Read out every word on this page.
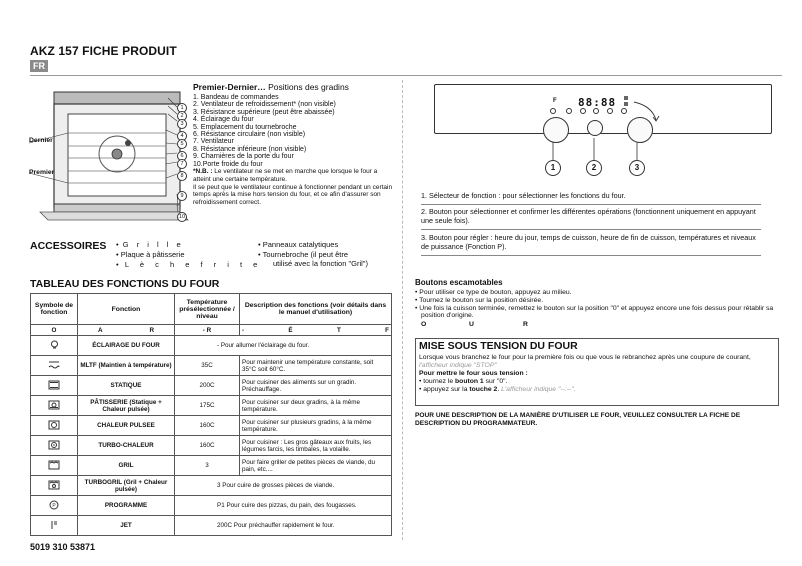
AKZ 157 FICHE PRODUIT
FR
Dernier
Premier
1
2
3
4
5
6
7
8
9
10
Premier-Dernier… Positions des gradins
1. Bandeau de commandes
2. Ventilateur de refroidissement* (non visible)
3. Résistance supérieure (peut être abaissée)
4. Éclairage du four
5. Emplacement du tournebroche
6. Résistance circulaire (non visible)
7. Ventilateur
8. Résistance inférieure (non visible)
9. Charnières de la porte du four
10.Porte froide du four
*N.B. : Le ventilateur ne se met en marche que lorsque le four a atteint une certaine température.
Il se peut que le ventilateur continue à fonctionner pendant un certain temps après la mise hors tension du four, et ce afin d'assurer son refroidissement correct.
ACCESSOIRES •  G r i l l e
• Plaque à pâtisserie
•   L è c h e f r i t e
• Panneaux catalytiques
• Tournebroche (il peut être
utilisé avec la fonction "Gril")
TABLEAU DES FONCTIONS DU FOUR
Symbole de fonction	Fonction	Température présélectionnée / niveau	Description des fonctions (voir détails dans le manuel d'utilisation)
O	A R	- R	- É T F

	ÉCLAIRAGE DU FOUR	- Pour allumer l'éclairage du four.	
	MLTF (Maintien à température)	35C	Pour maintenir une température constante, soit 35°C soit 60°C.
	STATIQUE	200C	Pour cuisiner des aliments sur un gradin. Préchauffage.
	PÂTISSERIE (Statique + Chaleur pulsée)	175C	Pour cuisiner sur deux gradins, à la même température.
	CHALEUR PULSEE	160C	Pour cuisiner sur plusieurs gradins, à la même température.
	TURBO-CHALEUR	160C	Pour cuisiner : Les gros gâteaux aux fruits, les légumes farcis, les timbales, la volaille.
	GRIL	3	Pour faire griller de petites pièces de viande, du pain, etc....
	TURBOGRIL (Gril + Chaleur pulsée)	3 Pour cuire de grosses pièces de viande.	

P	PROGRAMME	P1 Pour cuire des pizzas, du pain, des fougasses.	
	JET	200C Pour préchauffer rapidement le four.	
5019 310 53871
F 88:88
1	2	3
1. Sélecteur de fonction : pour sélectionner les fonctions du four.
2. Bouton pour sélectionner et confirmer les différentes opérations (fonctionnent uniquement en appuyant une seule fois).
3. Bouton pour régler : heure du jour, temps de cuisson, heure de fin de cuisson, températures et niveaux de puissance (Fonction P).
Boutons escamotables
• Pour utiliser ce type de bouton, appuyez au milieu.
• Tournez le bouton sur la position désirée.
• Une fois la cuisson terminée, remettez le bouton sur la position "0" et appuyez encore une fois dessus pour rétablir sa position d'origine.
O	U	R
MISE SOUS TENSION DU FOUR
Lorsque vous branchez le four pour la première fois ou que vous le rebranchez après une coupure de courant, l'afficheur indique "STOP"
Pour mettre le four sous tension :
• tournez le bouton 1 sur "0".
• appuyez sur la touche 2. L'afficheur indique "--:--".
POUR UNE DESCRIPTION DE LA MANIÈRE D'UTILISER LE FOUR, VEUILLEZ CONSULTER LA FICHE DE DESCRIPTION DU PROGRAMMATEUR.
